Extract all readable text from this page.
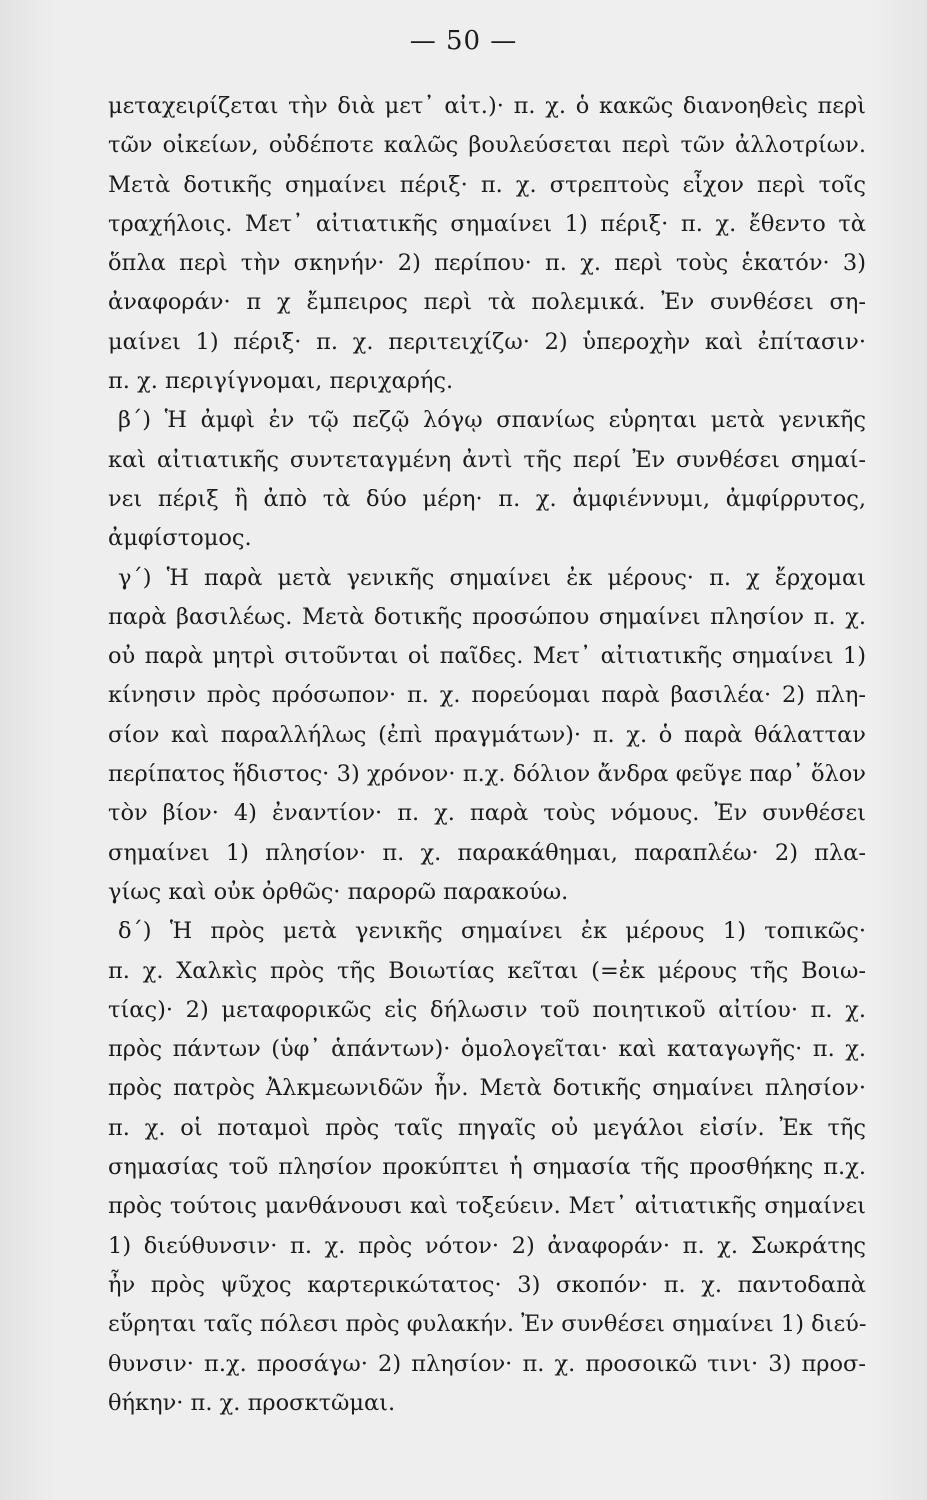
— 50 —
μεταχειρίζεται τὴν διὰ μετ᾽ αἰτ.)· π. χ. ὁ κακῶς διανοηθεὶς περὶ
τῶν οἰκείων, οὐδέποτε καλῶς βουλεύσεται περὶ τῶν ἀλλοτρίων.
Μετὰ δοτικῆς σημαίνει πέριξ· π. χ. στρεπτοὺς εἶχον περὶ τοῖς
τραχήλοις. Μετ᾽ αἰτιατικῆς σημαίνει 1) πέριξ· π. χ. ἔθεντο τὰ
ὅπλα περὶ τὴν σκηνήν· 2) περίπου· π. χ. περὶ τοὺς ἑκατόν· 3)
ἀναφοράν· π χ ἔμπειρος περὶ τὰ πολεμικά. Ἐν συνθέσει ση-
μαίνει 1) πέριξ· π. χ. περιτειχίζω· 2) ὑπεροχὴν καὶ ἐπίτασιν·
π. χ. περιγίγνομαι, περιχαρής.
β΄) Ἡ ἀμφὶ ἐν τῷ πεζῷ λόγῳ σπανίως εὑρηται μετὰ γενικῆς
καὶ αἰτιατικῆς συντεταγμένη ἀντὶ τῆς περί Ἐν συνθέσει σημαί-
νει πέριξ ἢ ἀπὸ τὰ δύο μέρη· π. χ. ἀμφιέννυμι, ἀμφίρρυτος,
ἀμφίστομος.
γ΄) Ἡ παρὰ μετὰ γενικῆς σημαίνει ἐκ μέρους· π. χ ἔρχομαι
παρὰ βασιλέως. Μετὰ δοτικῆς προσώπου σημαίνει πλησίον π. χ.
οὐ παρὰ μητρὶ σιτοῦνται οἱ παῖδες. Μετ᾽ αἰτιατικῆς σημαίνει 1)
κίνησιν πρὸς πρόσωπον· π. χ. πορεύομαι παρὰ βασιλέα· 2) πλη-
σίον καὶ παραλλήλως (ἐπὶ πραγμάτων)· π. χ. ὁ παρὰ θάλατταν
περίπατος ἥδιστος· 3) χρόνον· π.χ. δόλιον ἄνδρα φεῦγε παρ᾽ ὅλον
τὸν βίον· 4) ἐναντίον· π. χ. παρὰ τοὺς νόμους. Ἐν συνθέσει
σημαίνει 1) πλησίον· π. χ. παρακάθημαι, παραπλέω· 2) πλα-
γίως καὶ οὐκ ὀρθῶς· παρορῶ παρακούω.
δ΄) Ἡ πρὸς μετὰ γενικῆς σημαίνει ἐκ μέρους 1) τοπικῶς·
π. χ. Χαλκὶς πρὸς τῆς Βοιωτίας κεῖται (=ἐκ μέρους τῆς Βοιω-
τίας)· 2) μεταφορικῶς εἰς δήλωσιν τοῦ ποιητικοῦ αἰτίου· π. χ.
πρὸς πάντων (ὑφ᾽ ἁπάντων)· ὁμολογεῖται· καὶ καταγωγῆς· π. χ.
πρὸς πατρὸς Ἀλκμεωνιδῶν ἦν. Μετὰ δοτικῆς σημαίνει πλησίον·
π. χ. οἱ ποταμοὶ πρὸς ταῖς πηγαῖς οὐ μεγάλοι εἰσίν. Ἐκ τῆς
σημασίας τοῦ πλησίον προκύπτει ἡ σημασία τῆς προσθήκης π.χ.
πρὸς τούτοις μανθάνουσι καὶ τοξεύειν. Μετ᾽ αἰτιατικῆς σημαίνει
1) διεύθυνσιν· π. χ. πρὸς νότον· 2) ἀναφοράν· π. χ. Σωκράτης
ἦν πρὸς ψῦχος καρτερικώτατος· 3) σκοπόν· π. χ. παντοδαπὰ
εὕρηται ταῖς πόλεσι πρὸς φυλακήν. Ἐν συνθέσει σημαίνει 1) διεύ-
θυνσιν· π.χ. προσάγω· 2) πλησίον· π. χ. προσοικῶ τινι· 3) προσ-
θήκην· π. χ. προσκτῶμαι.
